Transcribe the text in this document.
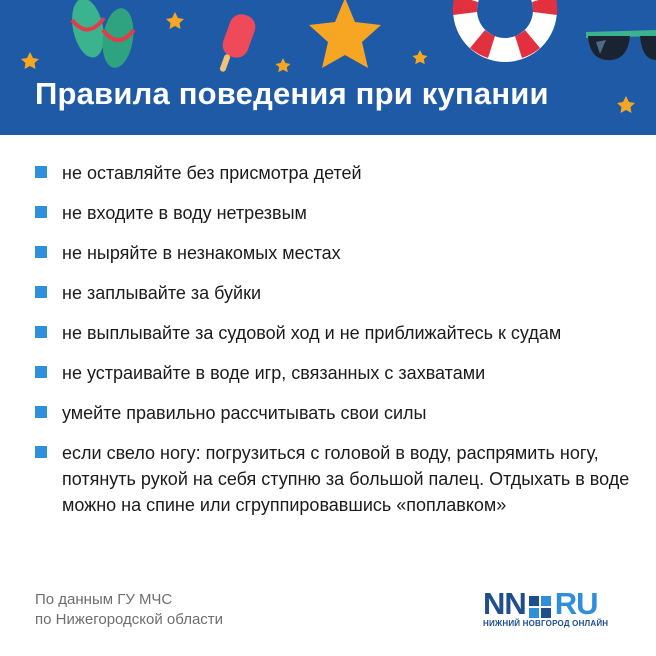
Правила поведения при купании
не оставляйте без присмотра детей
не входите в воду нетрезвым
не ныряйте в незнакомых местах
не заплывайте за буйки
не выплывайте за судовой ход и не приближайтесь к судам
не устраивайте в воде игр, связанных с захватами
умейте правильно рассчитывать свои силы
если свело ногу: погрузиться с головой в воду, распрямить ногу, потянуть рукой на себя ступню за большой палец. Отдыхать в воде можно на спине или сгруппировавшись «поплавком»
По данным ГУ МЧС
по Нижегородской области	NN RU
НИЖНИЙ НОВГОРОД ОНЛАЙН
